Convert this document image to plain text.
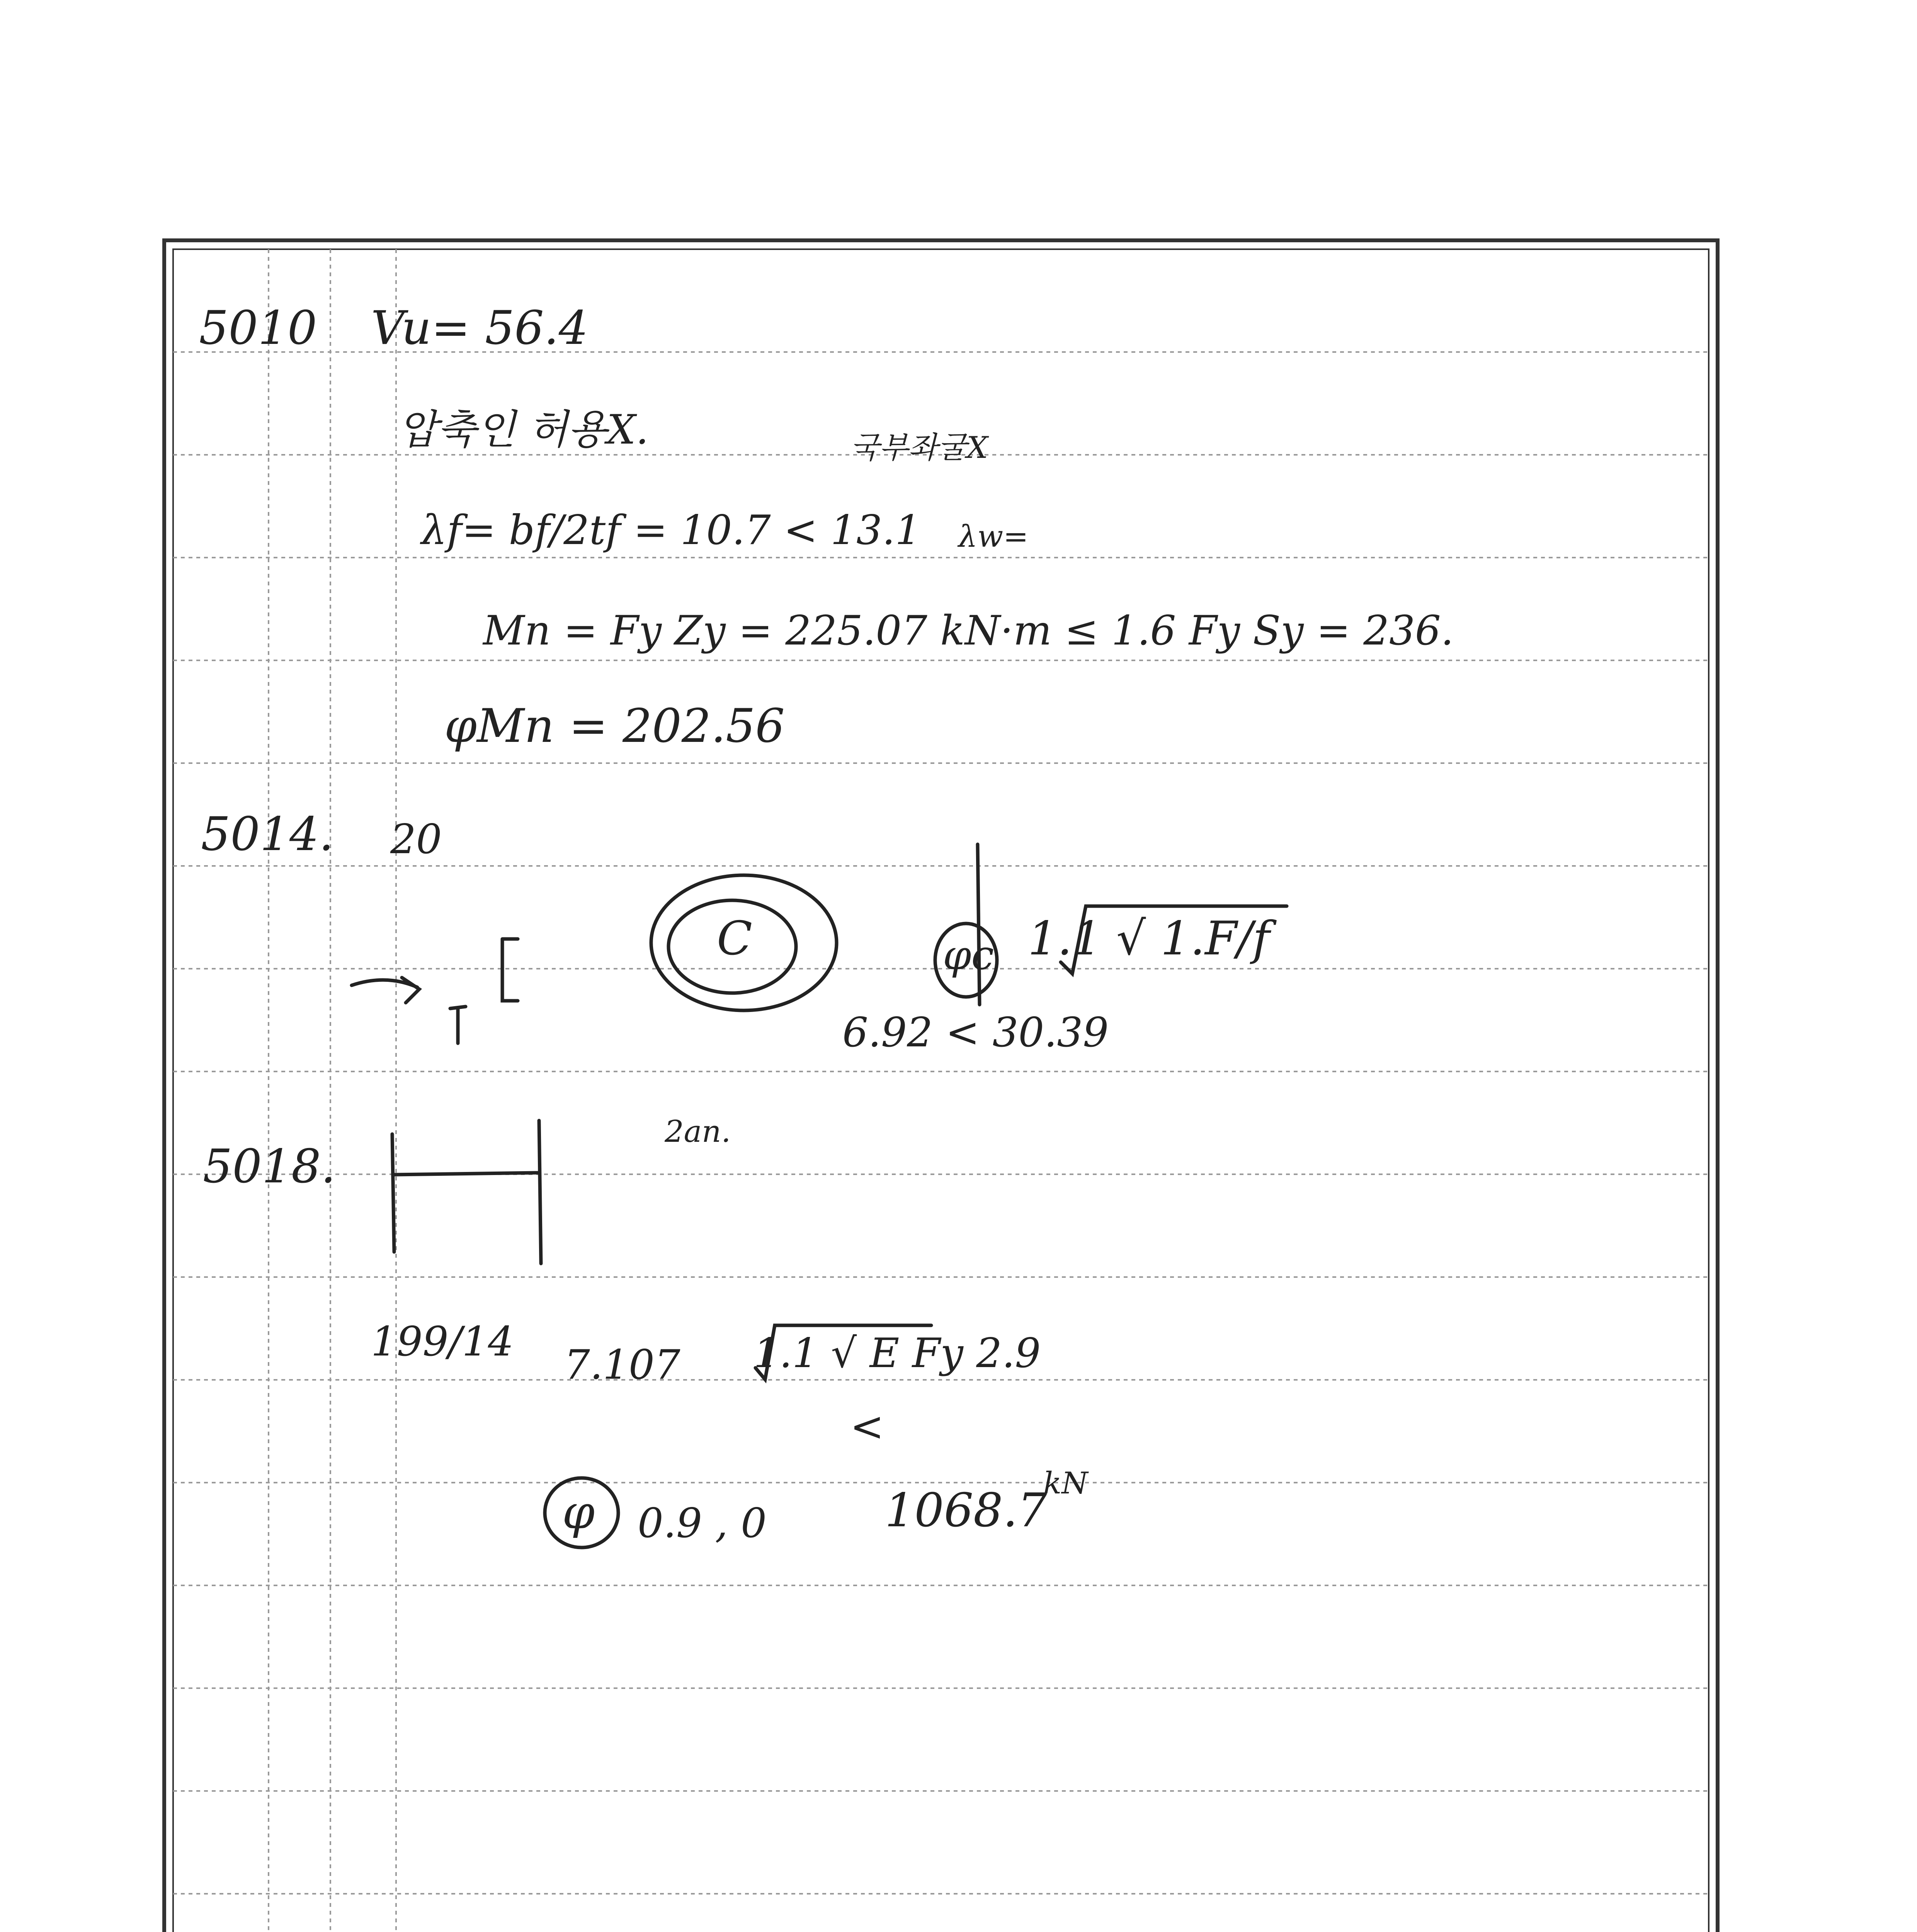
5010 Vu= 56.4
압축인 허용X.	국부좌굴X
λf= bf/2tf = 10.7 < 13.1 λw=
Mn = Fy Zy = 225.07 kN·m ≤ 1.6 Fy Sy = 236.
φMn = 202.56
5014. 20
C	φc 1.1 √ 1.F/f
6.92 < 30.39
5018.
2an.
199/14 7.107 1.1 √ E Fy 2.9
<
φ 0.9 , 0	1068.7
kN
